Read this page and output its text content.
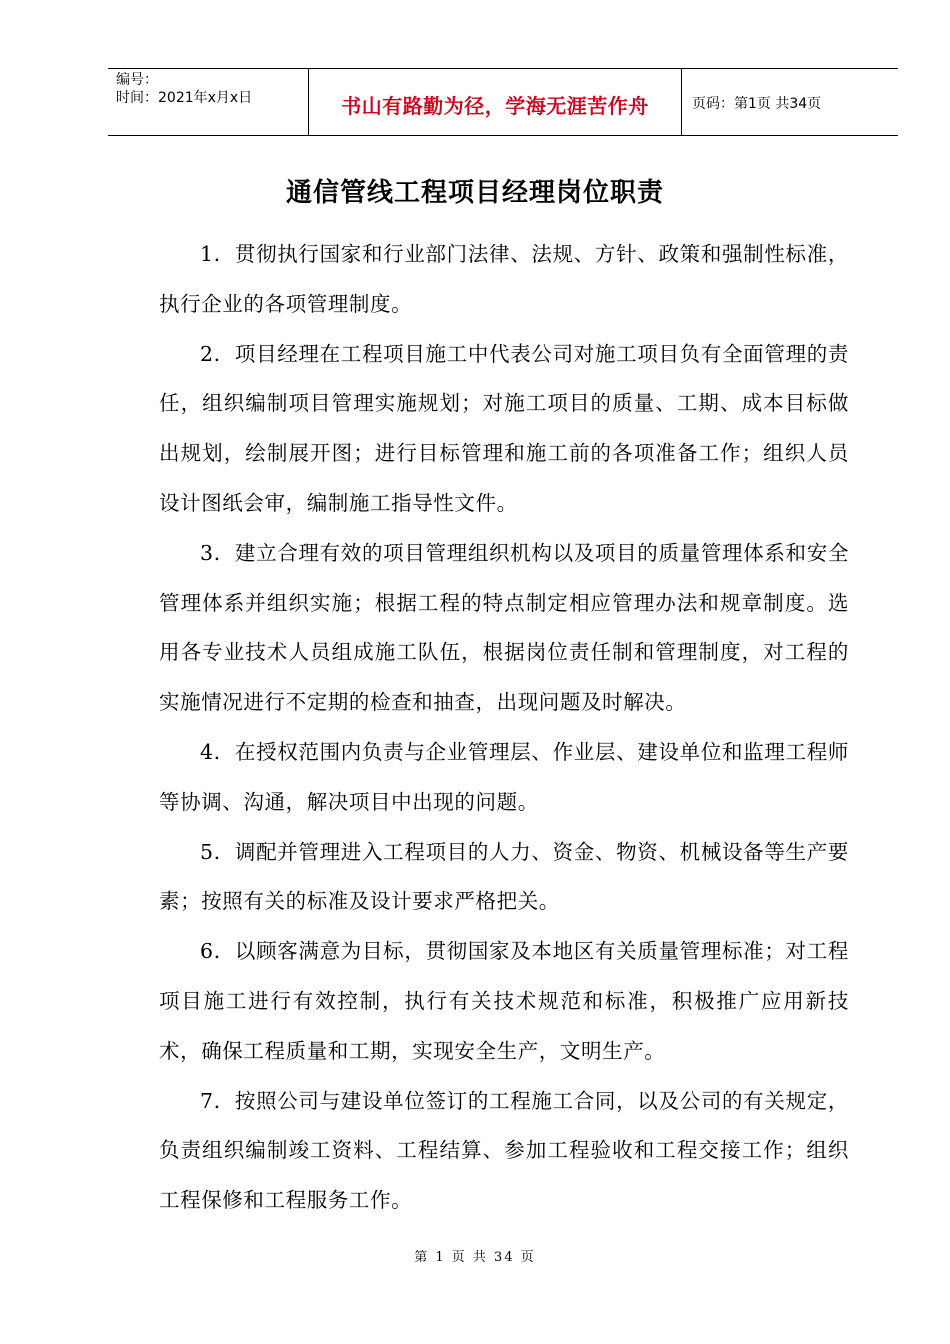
编号：
时间：2021年x月x日	书山有路勤为径，学海无涯苦作舟	页码：第1页 共34页
通信管线工程项目经理岗位职责

1．贯彻执行国家和行业部门法律、法规、方针、政策和强制性标准，执行企业的各项管理制度。

2．项目经理在工程项目施工中代表公司对施工项目负有全面管理的责任，组织编制项目管理实施规划；对施工项目的质量、工期、成本目标做出规划，绘制展开图；进行目标管理和施工前的各项准备工作；组织人员设计图纸会审，编制施工指导性文件。

3．建立合理有效的项目管理组织机构以及项目的质量管理体系和安全管理体系并组织实施；根据工程的特点制定相应管理办法和规章制度。选用各专业技术人员组成施工队伍，根据岗位责任制和管理制度，对工程的实施情况进行不定期的检查和抽查，出现问题及时解决。

4．在授权范围内负责与企业管理层、作业层、建设单位和监理工程师等协调、沟通，解决项目中出现的问题。

5．调配并管理进入工程项目的人力、资金、物资、机械设备等生产要素；按照有关的标准及设计要求严格把关。

6．以顾客满意为目标，贯彻国家及本地区有关质量管理标准；对工程项目施工进行有效控制，执行有关技术规范和标准，积极推广应用新技术，确保工程质量和工期，实现安全生产，文明生产。

7．按照公司与建设单位签订的工程施工合同，以及公司的有关规定，负责组织编制竣工资料、工程结算、参加工程验收和工程交接工作；组织工程保修和工程服务工作。

第 1 页 共 34 页
